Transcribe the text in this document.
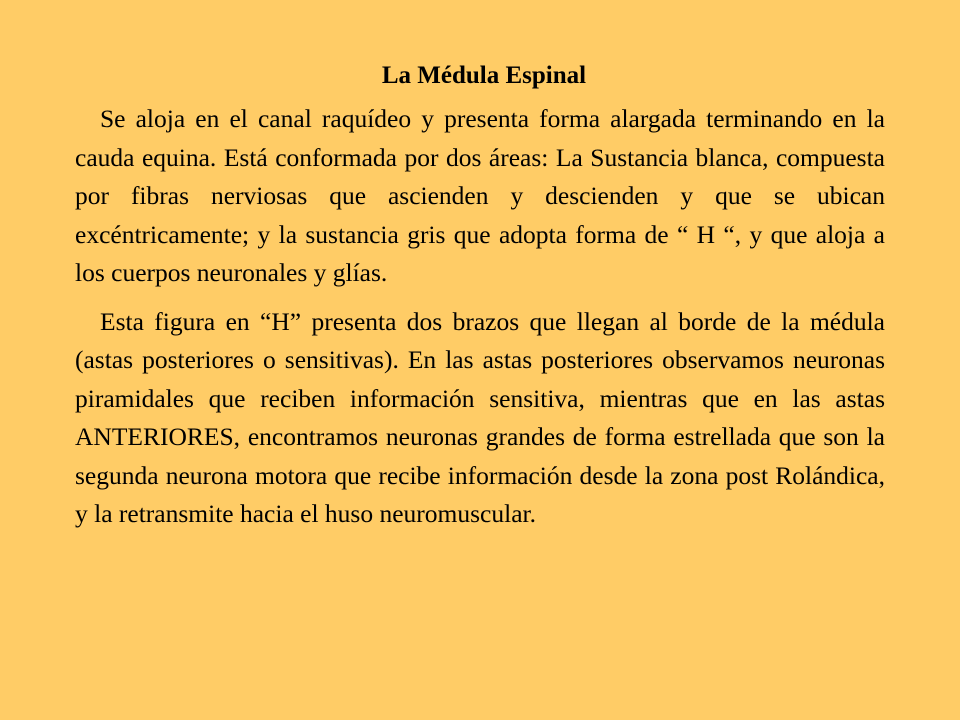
La Médula Espinal

Se aloja en el canal raquídeo y presenta forma alargada terminando en la cauda equina. Está conformada por dos áreas: La Sustancia blanca, compuesta por fibras nerviosas que ascienden y descienden y que se ubican excéntricamente; y la sustancia gris que adopta forma de “ H “, y que aloja a los cuerpos neuronales y glías.

Esta figura en “H” presenta dos brazos que llegan al borde de la médula (astas posteriores o sensitivas). En las astas posteriores observamos neuronas piramidales que reciben información sensitiva, mientras que en las astas ANTERIORES, encontramos neuronas grandes de forma estrellada que son la segunda neurona motora que recibe información desde la zona post Rolándica, y la retransmite hacia el huso neuromuscular.
